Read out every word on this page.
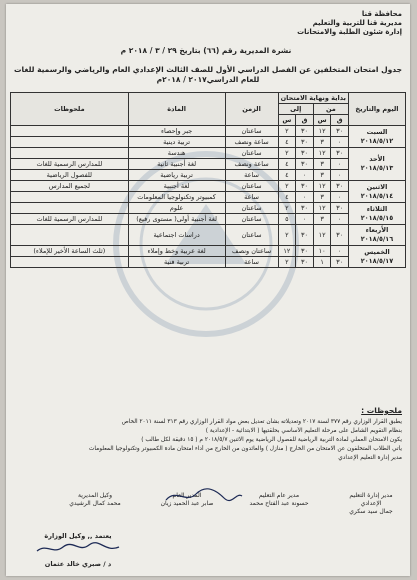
محافظة قنا
مديرية قنا للتربية والتعليم
إدارة شئون الطلبة والامتحانات
نشرة المديرية رقم (٦٦) بتاريخ ٢٩ / ٣ / ٢٠١٨ م
جدول امتحان المتخلفين عن الفصل الدراسي الأول للصف الثالث الإعدادي العام والرياضي والرسمية للغات للعام الدراسي٢٠١٧ / ٢٠١٨م
اليوم والتاريخ	بداية ونهاية الامتحان				الزمن	المادة	ملحوظات
	من		إلى				
	ق	س	ق	س			

السبت
٢٠١٨/٥/١٢	٣٠	١٢	٣٠	٢	ساعتان	جبر وإحصاء	
	٠	٣	٣٠	٤	ساعة ونصف	تربية دينية	

الأحد
٢٠١٨/٥/١٣	٣٠	١٢	٣٠	٢	ساعتان	هندسة	
	٠	٣	٣٠	٤	ساعة ونصف	لغة أجنبية ثانية	للمدارس الرسمية للغات
	٠	٣	٠	٤	ساعة	تربية رياضية	للفصول الرياضية

الاثنين
٢٠١٨/٥/١٤	٣٠	١٢	٣٠	٢	ساعتان	لغة أجنبية	لجميع المدارس
	٠	٣	٠	٤	ساعة	كمبيوتر وتكنولوجيا المعلومات	

الثلاثاء
٢٠١٨/٥/١٥	٣٠	١٢	٣٠	٢	ساعتان	علوم	
	٠	٣	٠	٥	ساعتان	لغة أجنبية أولى( مستوى رفيع)	للمدارس الرسمية للغات

الأربعاء
٢٠١٨/٥/١٦	٣٠	١٢	٣٠	٢	ساعتان	دراسات اجتماعية	

الخميس
٢٠١٨/٥/١٧	٠	١٠	٣٠	١٢	ساعتان ونصف	لغة عربية وخط وإملاء	(ثلث الساعة الأخير للإملاء)
	٣٠	١	٣٠	٢	ساعة	تربية فنية	
ملحوظات :
يطبق القرار الوزاري رقم ٣٧٧ لسنة ٢٠١٧ وتعديلاته بشأن تعديل بعض مواد القرار الوزاري رقم ٣١٣ لسنة ٢٠١١ الخاص
بنظام التقويم الشامل على مرحلة التعليم الأساسي بحلقتيها ( الابتدائية - الإعدادية )
يكون الامتحان العملي لمادة التربية الرياضية للفصول الرياضية يوم الاثنين ٢٠١٨/٥/٧ م ( ١٥ دقيقة لكل طالب )
يأتي الطلاب المتخلفون عن الامتحان من الخارج ( منازل ) والعائدون من الخارج من أداء امتحان مادة الكمبيوتر وتكنولوجيا المعلومات
مدير إدارة التعليم الإعدادي
مدير إدارة التعليم الإعدادي
جمال سيد سكري
مدير عام التعليم
حسونة عبد الفتاح محمد
المدير العام
صابر عبد الحميد زيان
وكيل المديرية
محمد كمال الرشيدي
يعتمد ,, وكيل الوزارة
د / صبري خالد عثمان
